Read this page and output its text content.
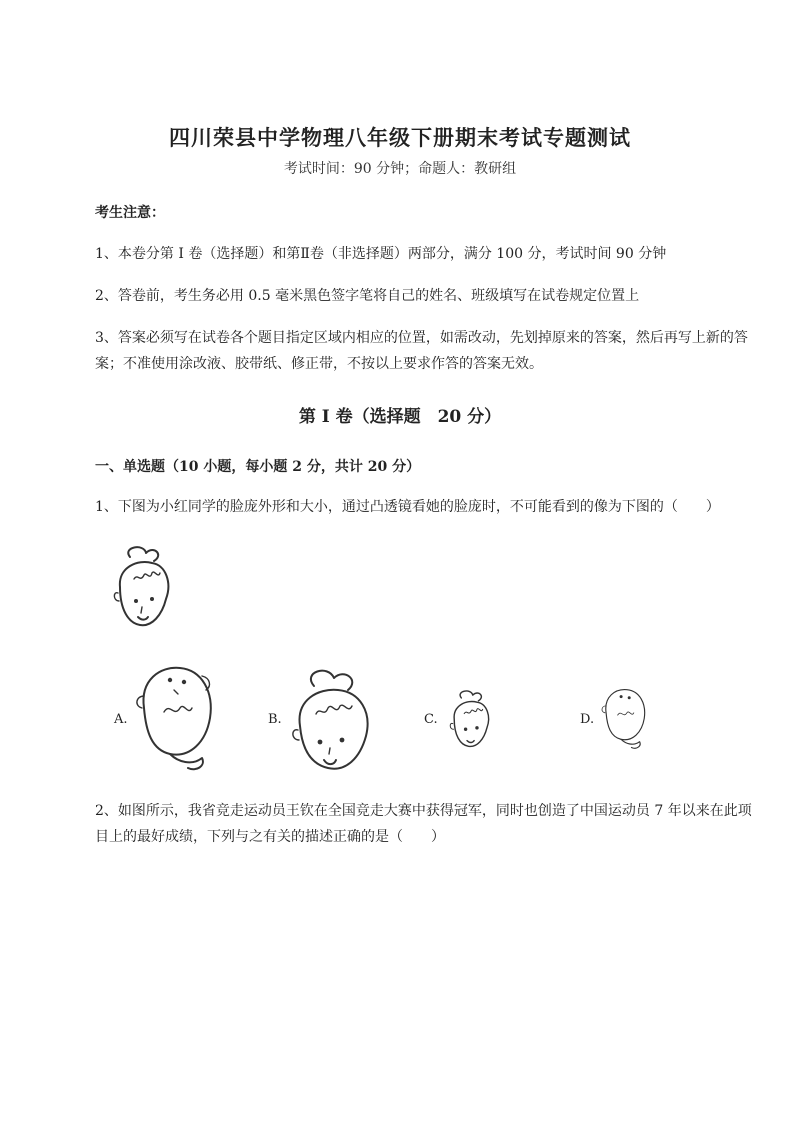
四川荣县中学物理八年级下册期末考试专题测试
考试时间：90 分钟；命题人：教研组
考生注意：
1、本卷分第 I 卷（选择题）和第Ⅱ卷（非选择题）两部分，满分 100 分，考试时间 90 分钟
2、答卷前，考生务必用 0.5 毫米黑色签字笔将自己的姓名、班级填写在试卷规定位置上
3、答案必须写在试卷各个题目指定区域内相应的位置，如需改动，先划掉原来的答案，然后再写上新的答案；不准使用涂改液、胶带纸、修正带，不按以上要求作答的答案无效。
第 I 卷（选择题　20 分）
一、单选题（10 小题，每小题 2 分，共计 20 分）
1、下图为小红同学的脸庞外形和大小，通过凸透镜看她的脸庞时，不可能看到的像为下图的（　　）
A.	B.	C.	D.
2、如图所示，我省竞走运动员王钦在全国竞走大赛中获得冠军，同时也创造了中国运动员 7 年以来在此项目上的最好成绩，下列与之有关的描述正确的是（　　）
